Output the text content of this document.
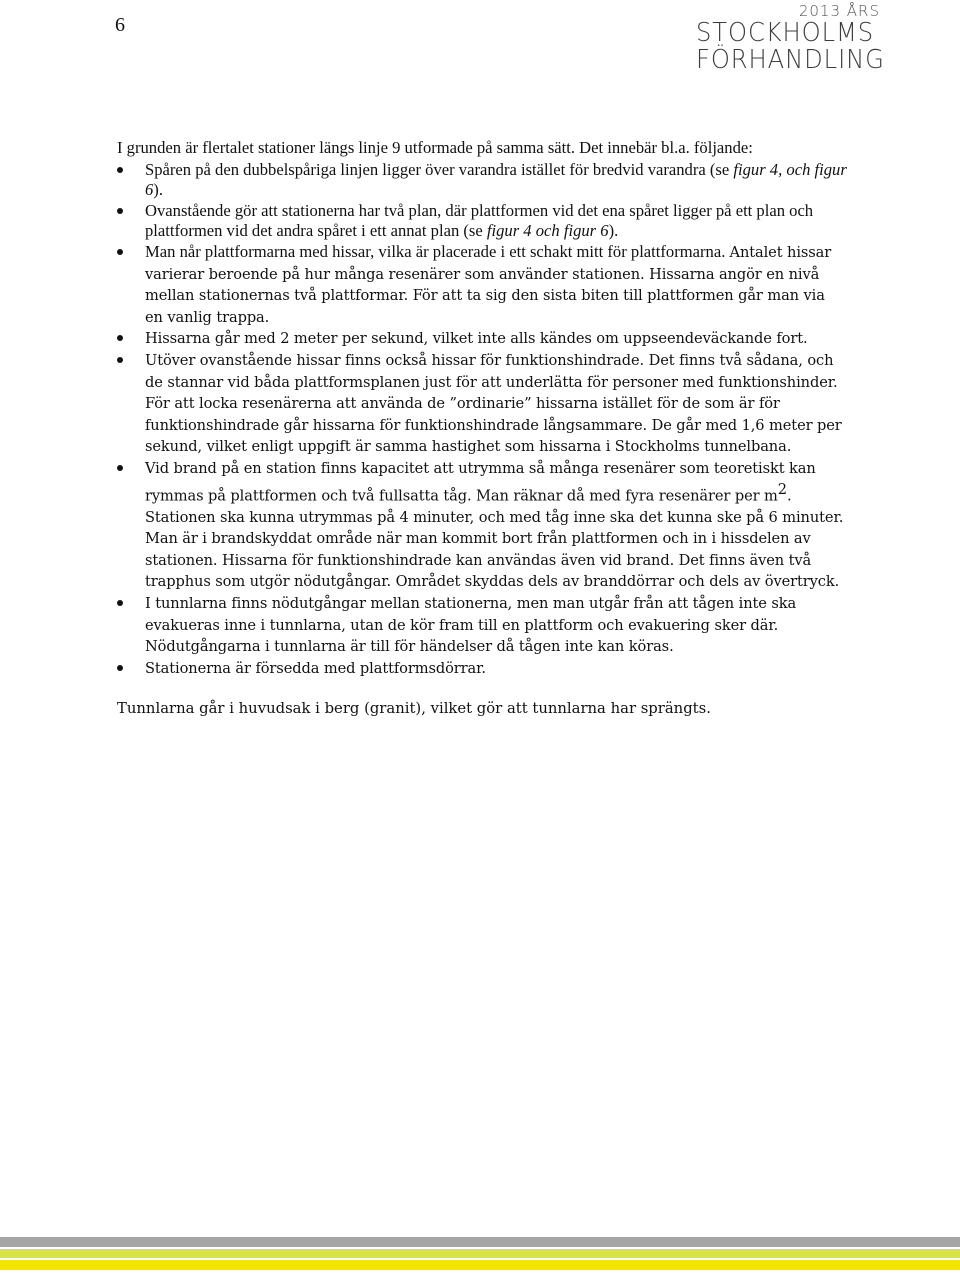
6
2013 ÅRS
STOCKHOLMS
FÖRHANDLING

I grunden är flertalet stationer längs linje 9 utformade på samma sätt. Det innebär bl.a. följande:

Spåren på den dubbelspåriga linjen ligger över varandra istället för bredvid varandra (se figur 4, och figur 6).
Ovanstående gör att stationerna har två plan, där plattformen vid det ena spåret ligger på ett plan och plattformen vid det andra spåret i ett annat plan (se figur 4 och figur 6).
Man når plattformarna med hissar, vilka är placerade i ett schakt mitt för plattformarna. Antalet hissar varierar beroende på hur många resenärer som använder stationen. Hissarna angör en nivå mellan stationernas två plattformar. För att ta sig den sista biten till plattformen går man via en vanlig trappa.
Hissarna går med 2 meter per sekund, vilket inte alls kändes om uppseendeväckande fort.
Utöver ovanstående hissar finns också hissar för funktionshindrade. Det finns två sådana, och de stannar vid båda plattformsplanen just för att underlätta för personer med funktionshinder. För att locka resenärerna att använda de ”ordinarie” hissarna istället för de som är för funktionshindrade går hissarna för funktionshindrade långsammare. De går med 1,6 meter per sekund, vilket enligt uppgift är samma hastighet som hissarna i Stockholms tunnelbana.
Vid brand på en station finns kapacitet att utrymma så många resenärer som teoretiskt kan rymmas på plattformen och två fullsatta tåg. Man räknar då med fyra resenärer per $m^2$. Stationen ska kunna utrymmas på 4 minuter, och med tåg inne ska det kunna ske på 6 minuter. Man är i brandskyddat område när man kommit bort från plattformen och in i hissdelen av stationen. Hissarna för funktionshindrade kan användas även vid brand. Det finns även två trapphus som utgör nödutgångar. Området skyddas dels av branddörrar och dels av övertryck.
I tunnlarna finns nödutgångar mellan stationerna, men man utgår från att tågen inte ska evakueras inne i tunnlarna, utan de kör fram till en plattform och evakuering sker där. Nödutgångarna i tunnlarna är till för händelser då tågen inte kan köras.
Stationerna är försedda med plattformsdörrar.

Tunnlarna går i huvudsak i berg (granit), vilket gör att tunnlarna har sprängts.
